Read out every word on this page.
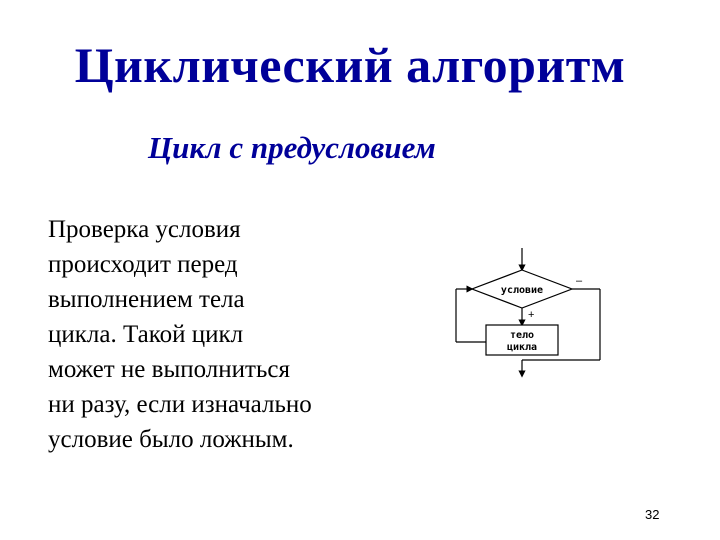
Циклический алгоритм
Цикл с предусловием
Проверка условия
происходит перед
выполнением тела
цикла. Такой цикл
может не выполниться
ни разу, если изначально
условие было ложным.
условие
+
тело
цикла
–
32
